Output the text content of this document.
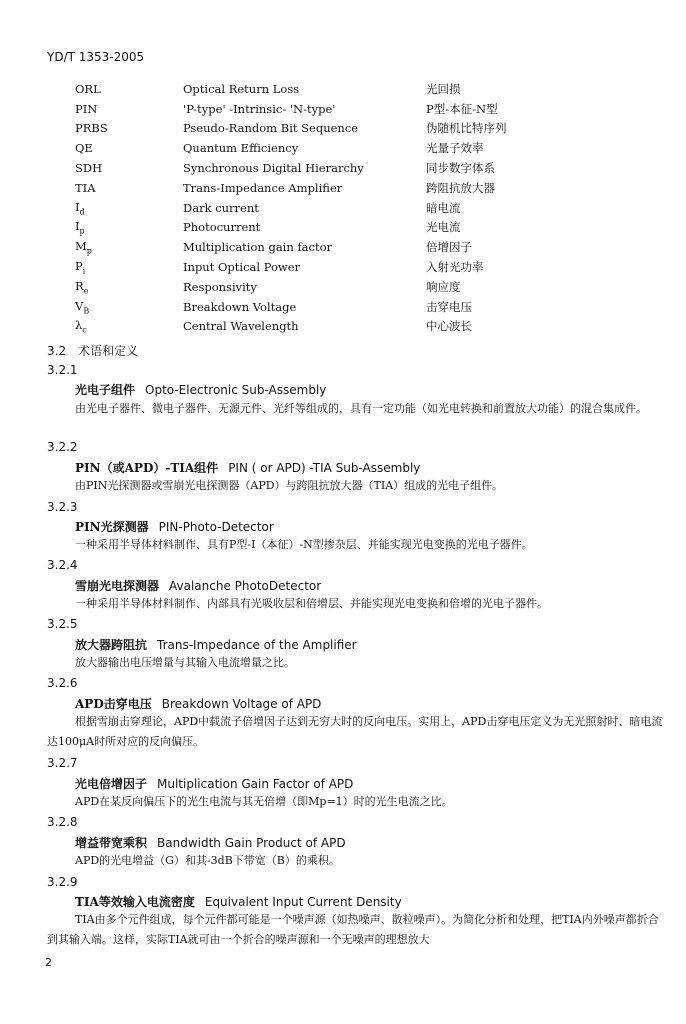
YD/T 1353-2005
ORL	Optical Return Loss	光回损
PIN	'P-type' -Intrinsic- 'N-type'	P型-本征-N型
PRBS	Pseudo-Random Bit Sequence	伪随机比特序列
QE	Quantum Efficiency	光量子效率
SDH	Synchronous Digital Hierarchy	同步数字体系
TIA	Trans-Impedance Amplifier	跨阻抗放大器
$I_d$	Dark current	暗电流
$I_p$	Photocurrent	光电流
$M_p$	Multiplication gain factor	倍增因子
$P_i$	Input Optical Power	入射光功率
$R_e$	Responsivity	响应度
$V_B$	Breakdown Voltage	击穿电压
$\lambda_c$	Central Wavelength	中心波长
3.2　术语和定义
3.2.1
光电子组件 Opto-Electronic Sub-Assembly
由光电子器件、微电子器件、无源元件、光纤等组成的，具有一定功能（如光电转换和前置放大功能）的混合集成件。
3.2.2
PIN（或APD）-TIA组件 PIN ( or APD) -TIA Sub-Assembly
由PIN光探测器或雪崩光电探测器（APD）与跨阻抗放大器（TIA）组成的光电子组件。
3.2.3
PIN光探测器 PIN-Photo-Detector
一种采用半导体材料制作、具有P型-I（本征）-N型掺杂层、并能实现光电变换的光电子器件。
3.2.4
雪崩光电探测器 Avalanche PhotoDetector
一种采用半导体材料制作、内部具有光吸收层和倍增层、并能实现光电变换和倍增的光电子器件。
3.2.5
放大器跨阻抗 Trans-Impedance of the Amplifier
放大器输出电压增量与其输入电流增量之比。
3.2.6
APD击穿电压 Breakdown Voltage of APD
根据雪崩击穿理论，APD中载流子倍增因子达到无穷大时的反向电压。实用上，APD击穿电压定义为无光照射时、暗电流达100μA时所对应的反向偏压。
3.2.7
光电倍增因子 Multiplication Gain Factor of APD
APD在某反向偏压下的光生电流与其无倍增（即Mp=1）时的光生电流之比。
3.2.8
增益带宽乘积 Bandwidth Gain Product of APD
APD的光电增益（G）和其-3dB下带宽（B）的乘积。
3.2.9
TIA等效输入电流密度 Equivalent Input Current Density
TIA由多个元件组成，每个元件都可能是一个噪声源（如热噪声、散粒噪声）。为简化分析和处理，把TIA内外噪声都折合到其输入端。这样，实际TIA就可由一个折合的噪声源和一个无噪声的理想放大
2
